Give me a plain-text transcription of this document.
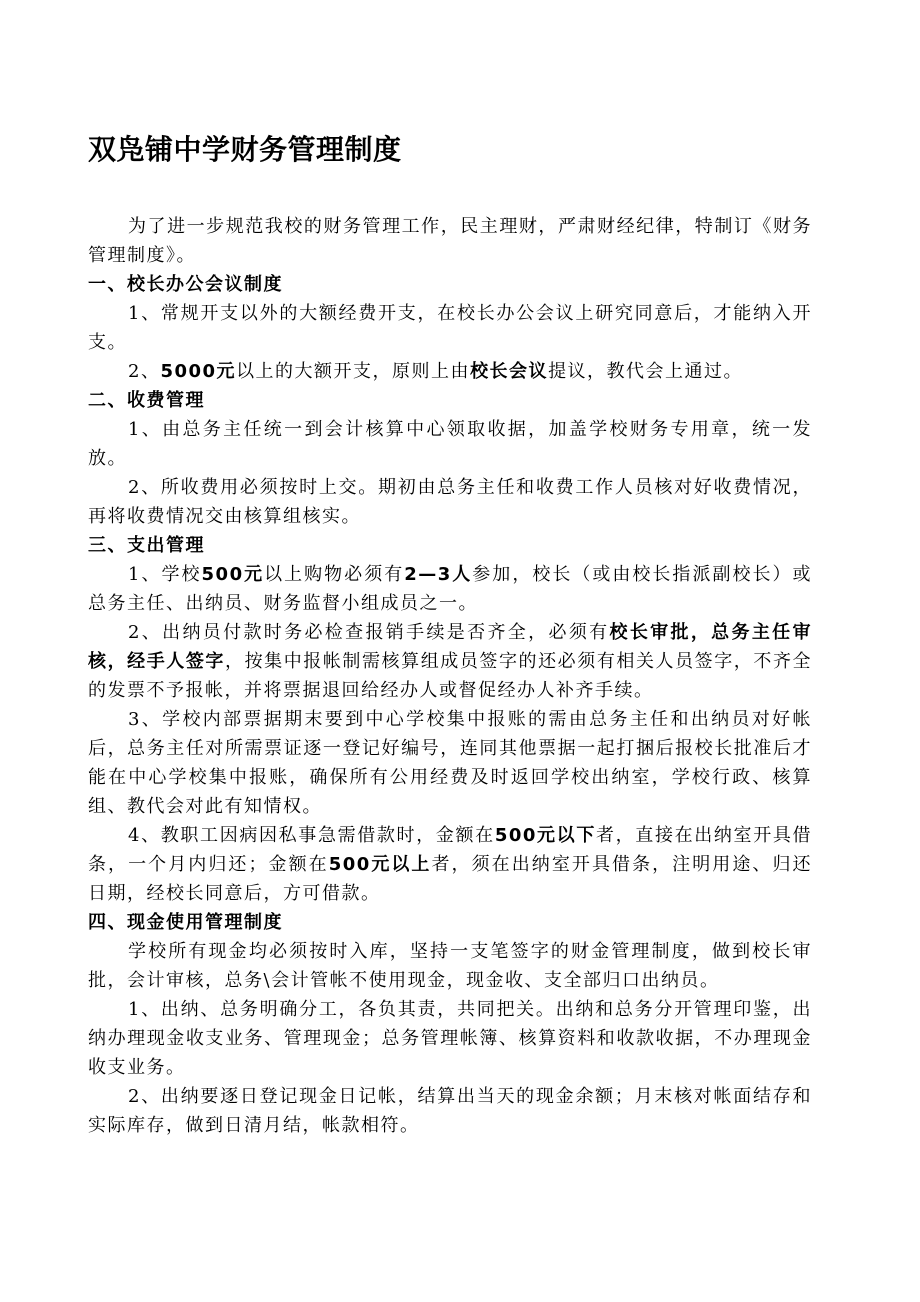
双凫铺中学财务管理制度

为了进一步规范我校的财务管理工作，民主理财，严肃财经纪律，特制订《财务管理制度》。

一、校长办公会议制度

1、常规开支以外的大额经费开支，在校长办公会议上研究同意后，才能纳入开支。

2、5000元以上的大额开支，原则上由校长会议提议，教代会上通过。

二、收费管理

1、由总务主任统一到会计核算中心领取收据，加盖学校财务专用章，统一发放。

2、所收费用必须按时上交。期初由总务主任和收费工作人员核对好收费情况，再将收费情况交由核算组核实。

三、支出管理

1、学校500元以上购物必须有2—3人参加，校长（或由校长指派副校长）或总务主任、出纳员、财务监督小组成员之一。

2、出纳员付款时务必检查报销手续是否齐全，必须有校长审批，总务主任审核，经手人签字，按集中报帐制需核算组成员签字的还必须有相关人员签字，不齐全的发票不予报帐，并将票据退回给经办人或督促经办人补齐手续。

3、学校内部票据期末要到中心学校集中报账的需由总务主任和出纳员对好帐后，总务主任对所需票证逐一登记好编号，连同其他票据一起打捆后报校长批准后才能在中心学校集中报账，确保所有公用经费及时返回学校出纳室，学校行政、核算组、教代会对此有知情权。

4、教职工因病因私事急需借款时，金额在500元以下者，直接在出纳室开具借条，一个月内归还；金额在500元以上者，须在出纳室开具借条，注明用途、归还日期，经校长同意后，方可借款。

四、现金使用管理制度

学校所有现金均必须按时入库，坚持一支笔签字的财金管理制度，做到校长审批，会计审核，总务\会计管帐不使用现金，现金收、支全部归口出纳员。

1、出纳、总务明确分工，各负其责，共同把关。出纳和总务分开管理印鉴，出纳办理现金收支业务、管理现金；总务管理帐簿、核算资料和收款收据，不办理现金收支业务。

2、出纳要逐日登记现金日记帐，结算出当天的现金余额；月末核对帐面结存和实际库存，做到日清月结，帐款相符。
